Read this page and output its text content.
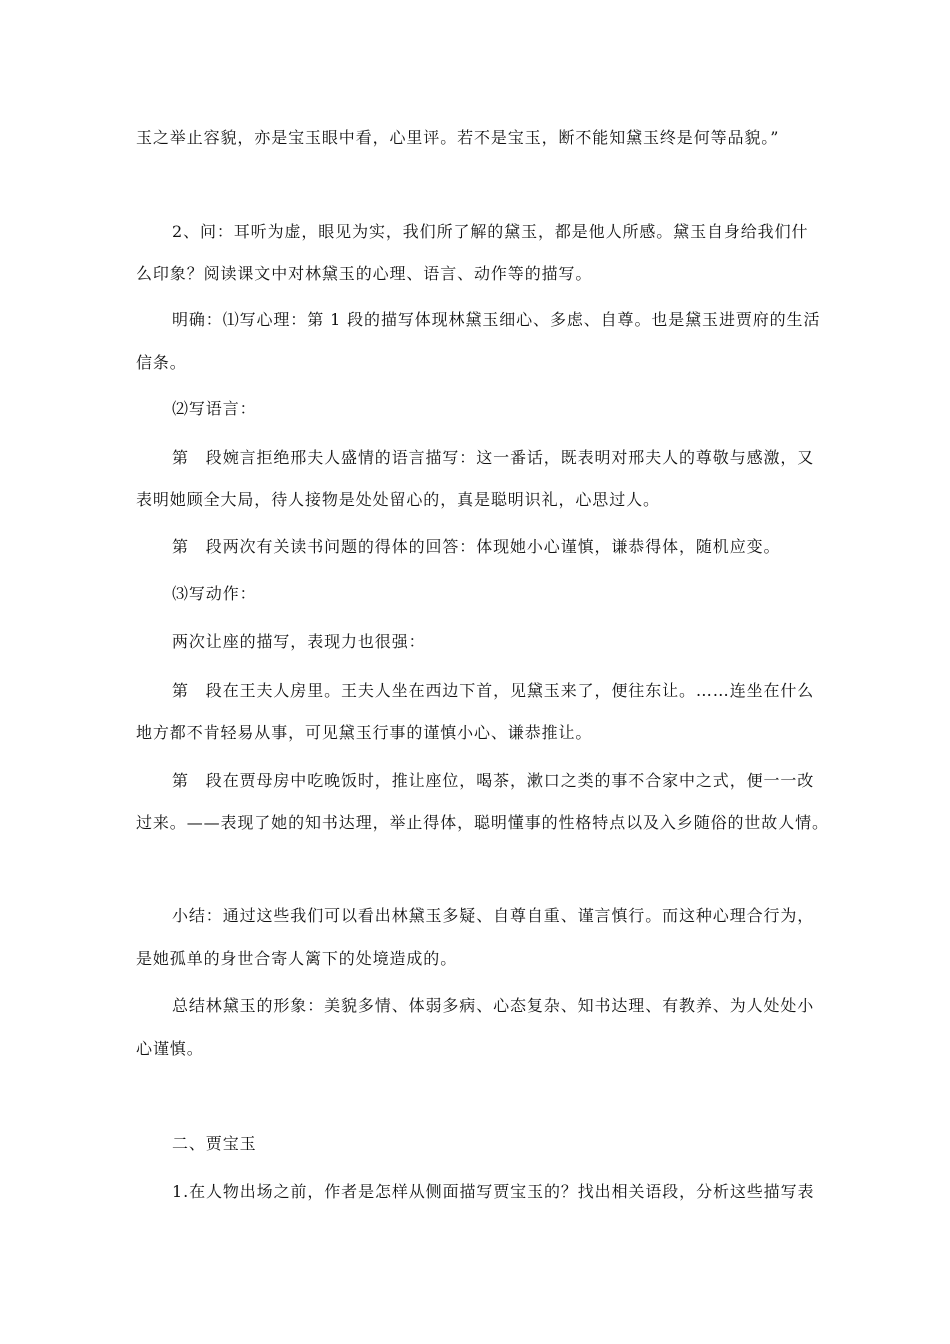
玉之举止容貌，亦是宝玉眼中看，心里评。若不是宝玉，断不能知黛玉终是何等品貌。”
2、问：耳听为虚，眼见为实，我们所了解的黛玉，都是他人所感。黛玉自身给我们什
么印象？阅读课文中对林黛玉的心理、语言、动作等的描写。
明确：⑴写心理：第 1 段的描写体现林黛玉细心、多虑、自尊。也是黛玉进贾府的生活
信条。
⑵写语言：
第　段婉言拒绝邢夫人盛情的语言描写：这一番话，既表明对邢夫人的尊敬与感激，又
表明她顾全大局，待人接物是处处留心的，真是聪明识礼，心思过人。
第　段两次有关读书问题的得体的回答：体现她小心谨慎，谦恭得体，随机应变。
⑶写动作：
两次让座的描写，表现力也很强：
第　段在王夫人房里。王夫人坐在西边下首，见黛玉来了，便往东让。……连坐在什么
地方都不肯轻易从事，可见黛玉行事的谨慎小心、谦恭推让。
第　段在贾母房中吃晚饭时，推让座位，喝茶，漱口之类的事不合家中之式，便一一改
过来。——表现了她的知书达理，举止得体，聪明懂事的性格特点以及入乡随俗的世故人情。
小结：通过这些我们可以看出林黛玉多疑、自尊自重、谨言慎行。而这种心理合行为，
是她孤单的身世合寄人篱下的处境造成的。
总结林黛玉的形象：美貌多情、体弱多病、心态复杂、知书达理、有教养、为人处处小
心谨慎。
二、贾宝玉
1.在人物出场之前，作者是怎样从侧面描写贾宝玉的？找出相关语段，分析这些描写表
